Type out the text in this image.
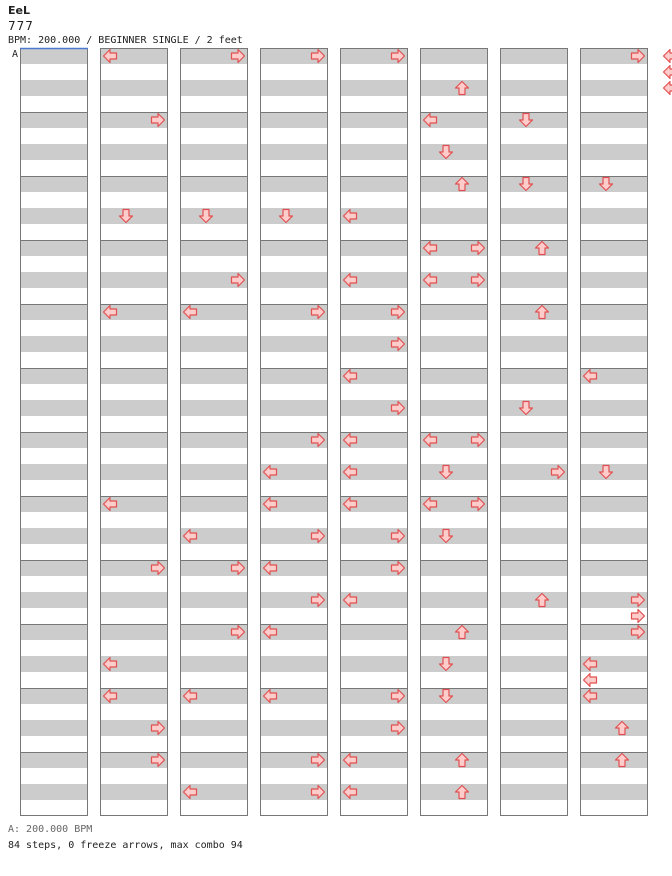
EeL
777
BPM: 200.000 / BEGINNER SINGLE / 2 feet
A
A: 200.000 BPM
84 steps, 0 freeze arrows, max combo 94
